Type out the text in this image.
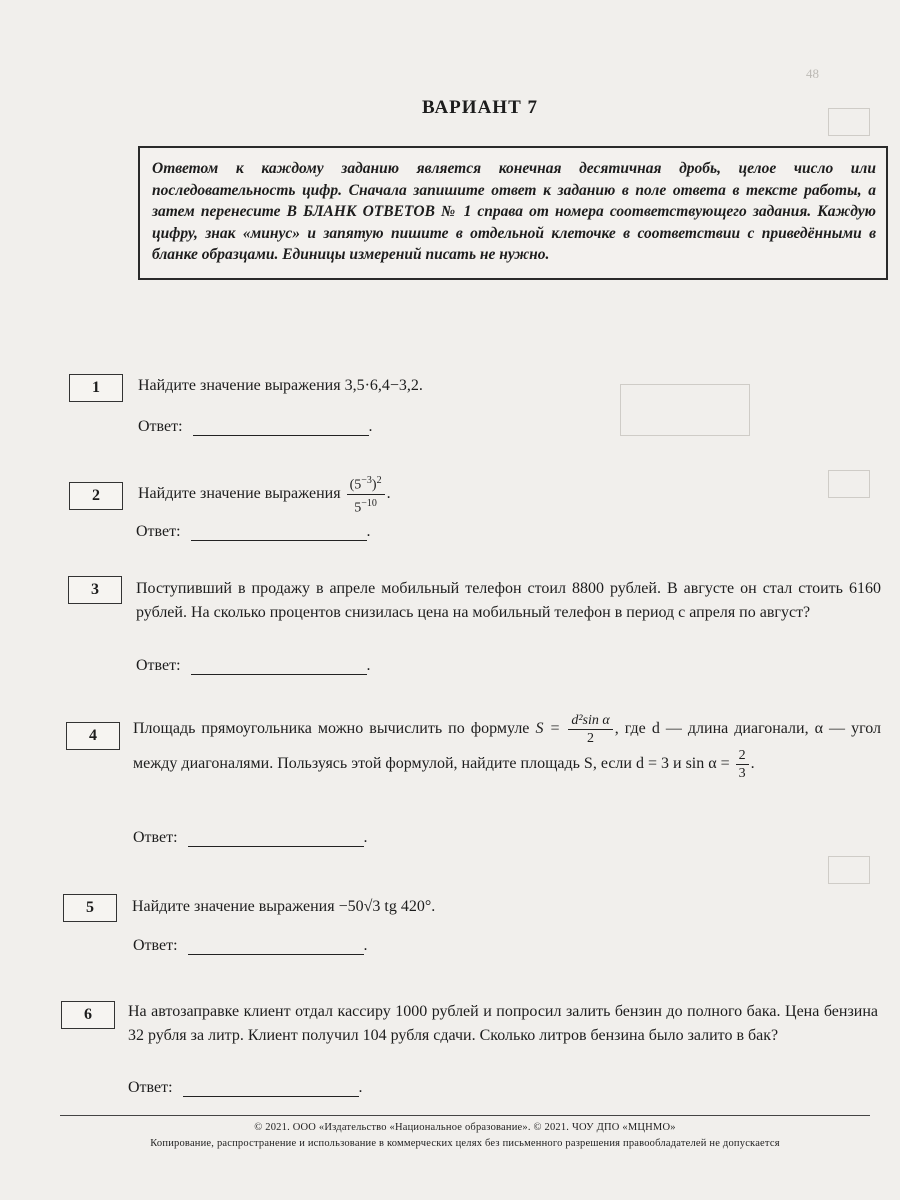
48
ВАРИАНТ 7
Ответом к каждому заданию является конечная десятичная дробь, целое число или последовательность цифр. Сначала запишите ответ к заданию в поле ответа в тексте работы, а затем перенесите В БЛАНК ОТВЕТОВ № 1 справа от номера соответствующего задания. Каждую цифру, знак «минус» и запятую пишите в отдельной клеточке в соответствии с приведёнными в бланке образцами. Единицы измерений писать не нужно.
1	Найдите значение выражения 3,5·6,4−3,2.
Ответ:	.
2	Найдите значение выражения $\frac{(5^{-3})^2}{5^{-10}}$ .
Ответ:	.
3	Поступивший в продажу в апреле мобильный телефон стоил 8800 рублей. В августе он стал стоить 6160 рублей. На сколько процентов снизилась цена на мобильный телефон в период с апреля по август?
Ответ:	.
4	Площадь прямоугольника можно вычислить по формуле $S = \frac{\text{d²sin α}}{2}$ , где d — длина диагонали, α — угол между диагоналями. Пользуясь этой формулой, найдите площадь S, если d = 3 и $\sin \alpha = \frac{2}{3}$ .
Ответ:	.
5	Найдите значение выражения −50√3 tg 420°.
Ответ:	.
6	На автозаправке клиент отдал кассиру 1000 рублей и попросил залить бензин до полного бака. Цена бензина 32 рубля за литр. Клиент получил 104 рубля сдачи. Сколько литров бензина было залито в бак?
Ответ:	.
© 2021. ООО «Издательство «Национальное образование». © 2021. ЧОУ ДПО «МЦНМО»
Копирование, распространение и использование в коммерческих целях без письменного разрешения правообладателей не допускается
